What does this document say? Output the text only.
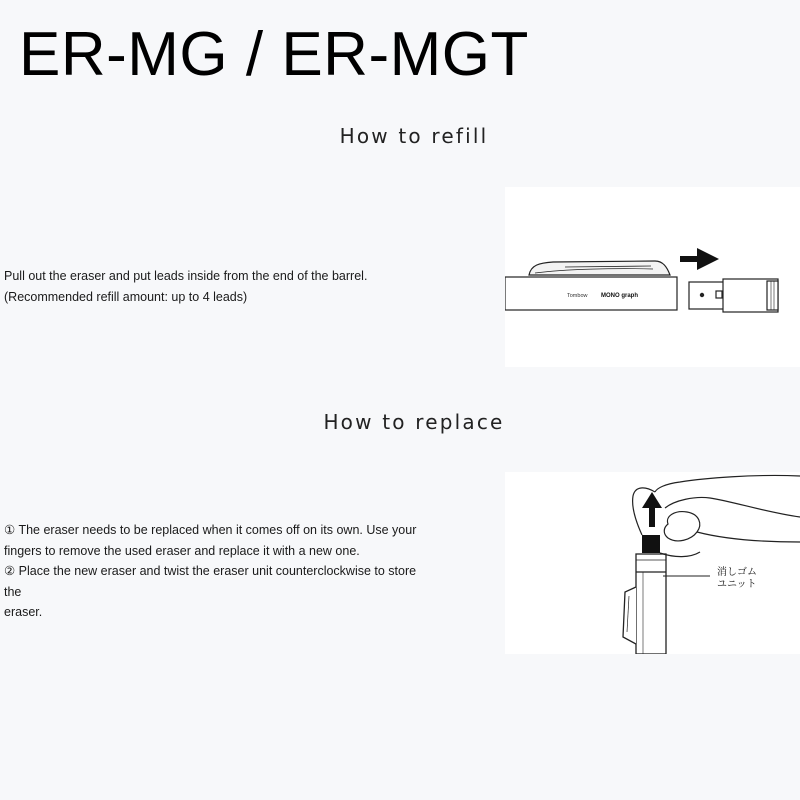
ER-MG / ER-MGT
How to refill

Pull out the eraser and put leads inside from the end of the barrel.

(Recommended refill amount: up to 4 leads)	Tombow MONO graph
How to replace

① The eraser needs to be replaced when it comes off on its own. Use your

fingers to remove the used eraser and replace it with a new one.

② Place the new eraser and twist the eraser unit counterclockwise to store the

eraser.

消しゴム
ユニット
